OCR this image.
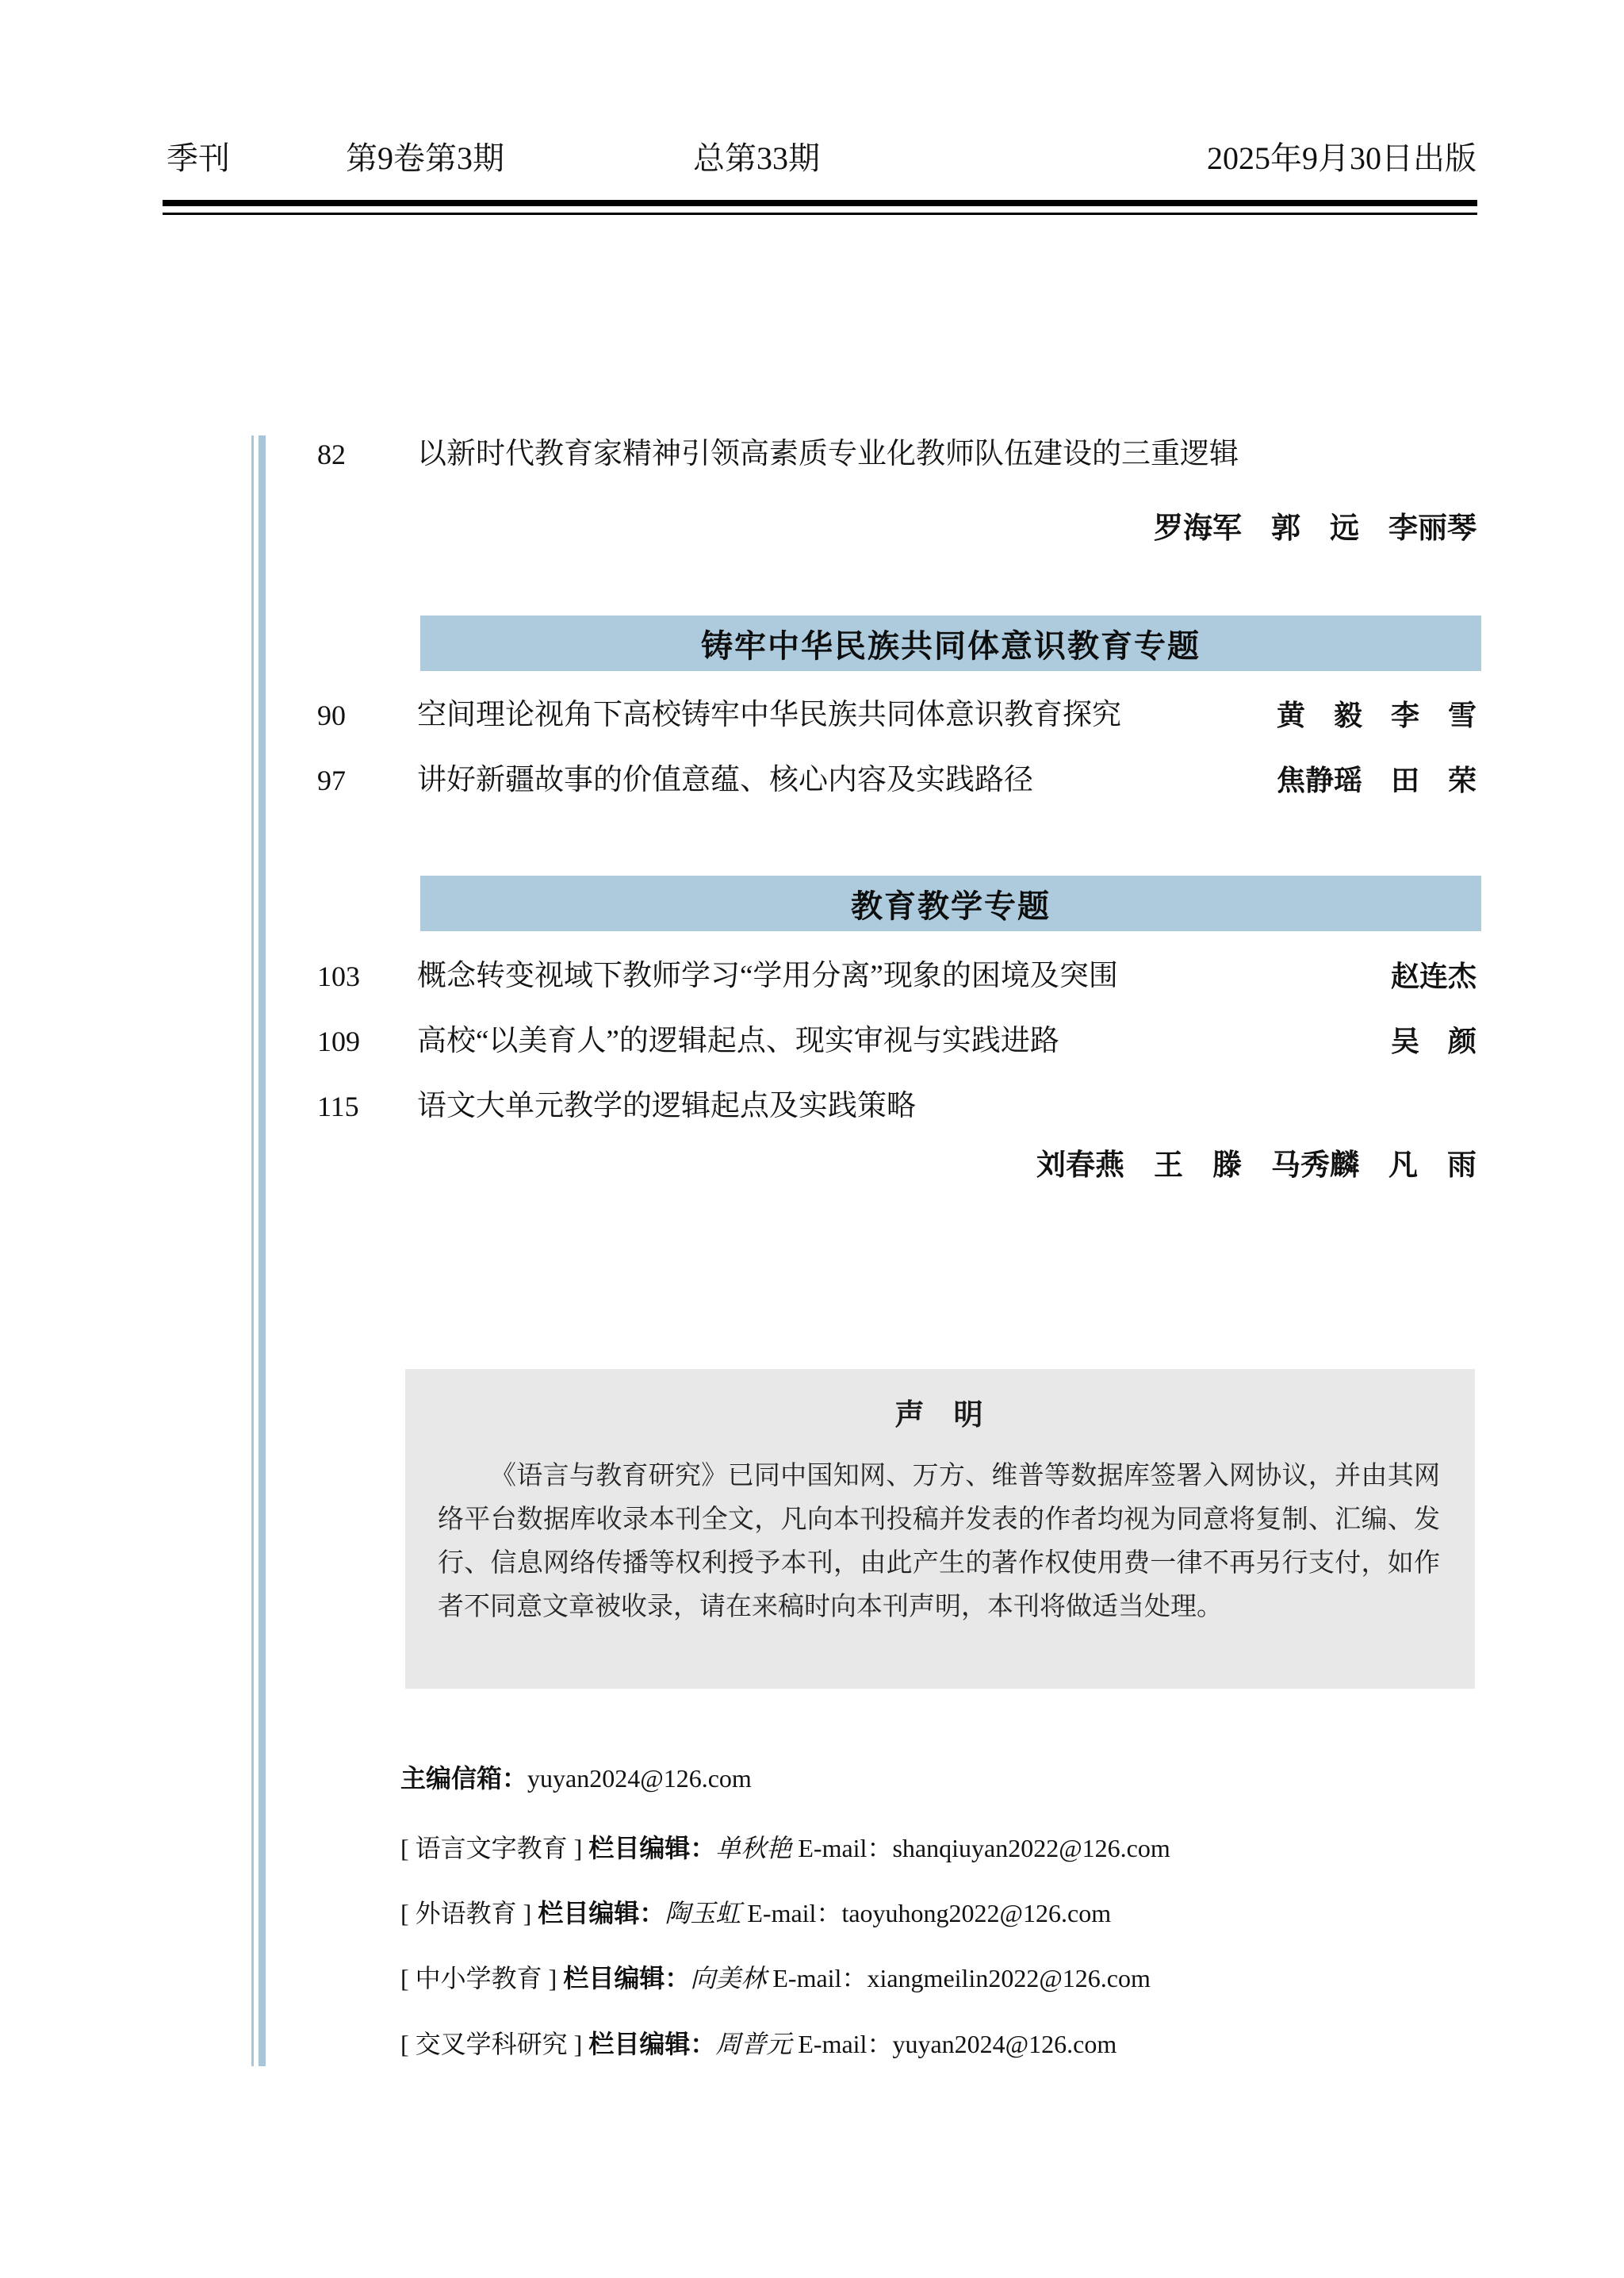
季刊	第9卷第3期	总第33期	2025年9月30日出版
82	以新时代教育家精神引领高素质专业化教师队伍建设的三重逻辑
罗海军　郭　远　李丽琴
铸牢中华民族共同体意识教育专题
90	空间理论视角下高校铸牢中华民族共同体意识教育探究	黄　毅　李　雪
97	讲好新疆故事的价值意蕴、核心内容及实践路径	焦静瑶　田　荣
教育教学专题
103	概念转变视域下教师学习“学用分离”现象的困境及突围	赵连杰
109	高校“以美育人”的逻辑起点、现实审视与实践进路	吴　颜
115	语文大单元教学的逻辑起点及实践策略
刘春燕　王　滕　马秀麟　凡　雨
声　明
《语言与教育研究》已同中国知网、万方、维普等数据库签署入网协议，并由其网络平台数据库收录本刊全文，凡向本刊投稿并发表的作者均视为同意将复制、汇编、发行、信息网络传播等权利授予本刊，由此产生的著作权使用费一律不再另行支付，如作者不同意文章被收录，请在来稿时向本刊声明，本刊将做适当处理。
主编信箱：yuyan2024@126.com
[ 语言文字教育 ] 栏目编辑：单秋艳 E-mail：shanqiuyan2022@126.com
[ 外语教育 ] 栏目编辑：陶玉虹 E-mail：taoyuhong2022@126.com
[ 中小学教育 ] 栏目编辑：向美林 E-mail：xiangmeilin2022@126.com
[ 交叉学科研究 ] 栏目编辑：周普元 E-mail：yuyan2024@126.com
